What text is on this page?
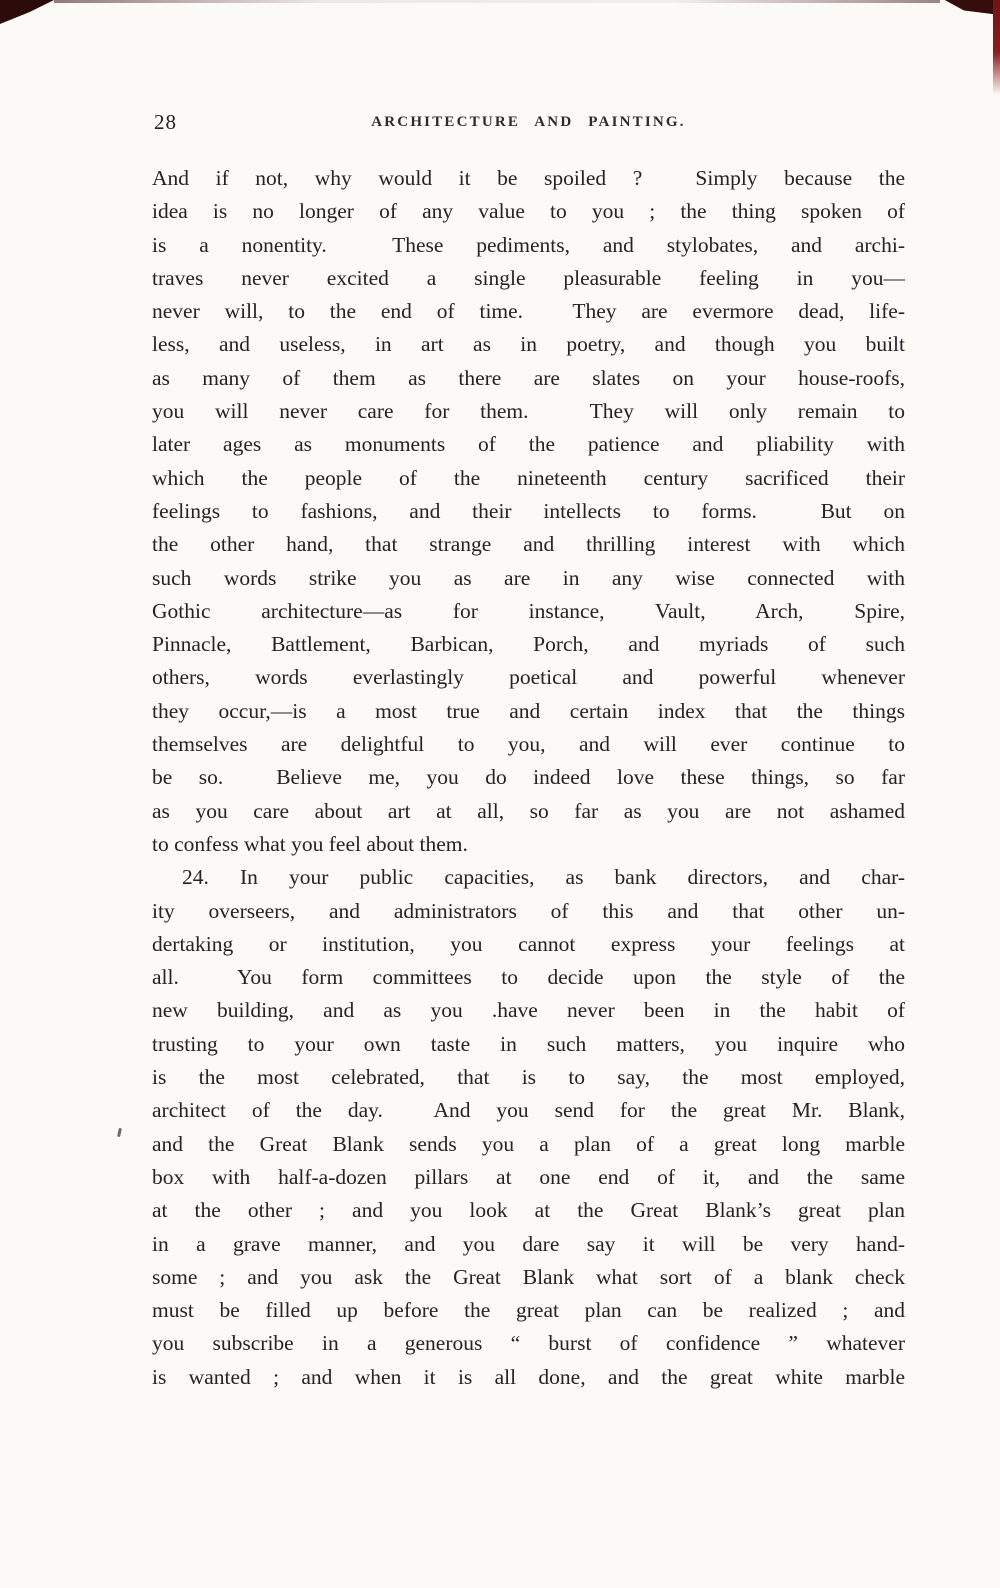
28	ARCHITECTURE AND PAINTING.
And if not, why would it be spoiled ?  Simply because the
idea is no longer of any value to you ; the thing spoken of
is a nonentity.  These pediments, and stylobates, and archi-
traves never excited a single pleasurable feeling in you—
never will, to the end of time.  They are evermore dead, life-
less, and useless, in art as in poetry, and though you built
as many of them as there are slates on your house-roofs,
you will never care for them.  They will only remain to
later ages as monuments of the patience and pliability with
which the people of the nineteenth century sacrificed their
feelings to fashions, and their intellects to forms.  But on
the other hand, that strange and thrilling interest with which
such words strike you as are in any wise connected with
Gothic architecture—as for instance, Vault, Arch, Spire,
Pinnacle, Battlement, Barbican, Porch, and myriads of such
others, words everlastingly poetical and powerful whenever
they occur,—is a most true and certain index that the things
themselves are delightful to you, and will ever continue to
be so.  Believe me, you do indeed love these things, so far
as you care about art at all, so far as you are not ashamed
to confess what you feel about them.
24. In your public capacities, as bank directors, and char-
ity overseers, and administrators of this and that other un-
dertaking or institution, you cannot express your feelings at
all.  You form committees to decide upon the style of the
new building, and as you .have never been in the habit of
trusting to your own taste in such matters, you inquire who
is the most celebrated, that is to say, the most employed,
architect of the day.  And you send for the great Mr. Blank,
and the Great Blank sends you a plan of a great long marble
box with half-a-dozen pillars at one end of it, and the same
at the other ; and you look at the Great Blank’s great plan
in a grave manner, and you dare say it will be very hand-
some ; and you ask the Great Blank what sort of a blank check
must be filled up before the great plan can be realized ; and
you subscribe in a generous “ burst of confidence ” whatever
is wanted ; and when it is all done, and the great white marble
